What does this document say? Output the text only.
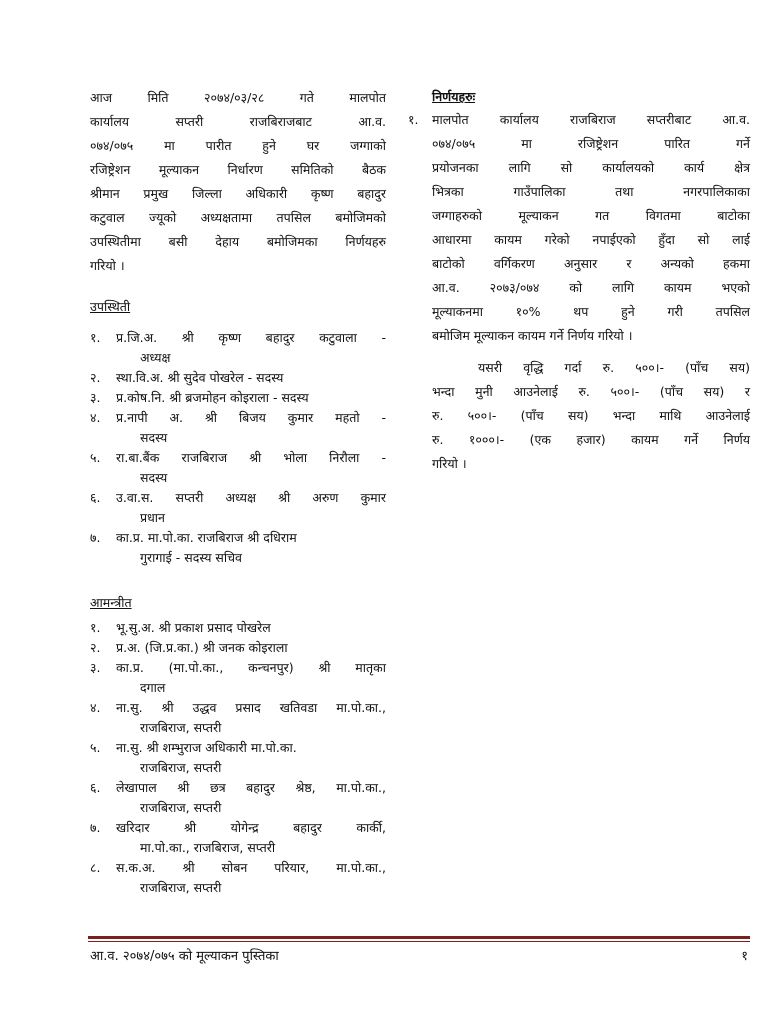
आज मिति २०७४/०३/२८ गते मालपोत

कार्यालय सप्तरी राजबिराजबाट आ.व.

०७४/०७५ मा पारीत हुने घर जग्गाको

रजिष्ट्रेशन मूल्याकन निर्धारण समितिको बैठक

श्रीमान प्रमुख जिल्ला अधिकारी कृष्ण बहादुर

कटुवाल ज्यूको अध्यक्षतामा तपसिल बमोजिमको

उपस्थितीमा बसी देहाय बमोजिमका निर्णयहरु

गरियो ।

उपस्थिती

१.	प्र.जि.अ. श्री कृष्ण बहादुर कटुवाला -
अध्यक्ष
२.	स्था.वि.अ. श्री सुदेव पोखरेल - सदस्य
३.	प्र.कोष.नि. श्री ब्रजमोहन कोइराला - सदस्य
४.	प्र.नापी अ. श्री बिजय कुमार महतो -
सदस्य
५.	रा.बा.बैंक राजबिराज श्री भोला निरौला -
सदस्य
६.	उ.वा.स. सप्तरी अध्यक्ष श्री अरुण कुमार
प्रधान
७.	का.प्र. मा.पो.का. राजबिराज श्री दधिराम
गुरागाई - सदस्य सचिव

आमन्त्रीत

१.	भू.सु.अ. श्री प्रकाश प्रसाद पोखरेल
२.	प्र.अ. (जि.प्र.का.) श्री जनक कोइराला
३.	का.प्र. (मा.पो.का., कन्चनपुर) श्री मातृका
दगाल
४.	ना.सु. श्री उद्धव प्रसाद खतिवडा मा.पो.का.,
राजबिराज, सप्तरी
५.	ना.सु. श्री शम्भुराज अधिकारी मा.पो.का.
राजबिराज, सप्तरी
६.	लेखापाल श्री छत्र बहादुर श्रेष्ठ, मा.पो.का.,
राजबिराज, सप्तरी
७.	खरिदार श्री योगेन्द्र बहादुर कार्की,
मा.पो.का., राजबिराज, सप्तरी
८.	स.क.अ. श्री सोबन परियार, मा.पो.का.,
राजबिराज, सप्तरी

निर्णयहरुः

१.	मालपोत कार्यालय राजबिराज सप्तरीबाट आ.व.

०७४/०७५ मा रजिष्ट्रेशन पारित गर्ने

प्रयोजनका लागि सो कार्यालयको कार्य क्षेत्र

भित्रका गाउँपालिका तथा नगरपालिकाका

जग्गाहरुको मूल्याकन गत विगतमा बाटोका

आधारमा कायम गरेको नपाईएको हुँदा सो लाई

बाटोको वर्गिकरण अनुसार र अन्यको हकमा

आ.व. २०७३/०७४ को लागि कायम भएको

मूल्याकनमा १०% थप हुने गरी तपसिल

बमोजिम मूल्याकन कायम गर्ने निर्णय गरियो ।

यसरी वृद्धि गर्दा रु. ५००।- (पाँच सय)

भन्दा मुनी आउनेलाई रु. ५००।- (पाँच सय) र

रु. ५००।- (पाँच सय) भन्दा माथि आउनेलाई

रु. १०००।- (एक हजार) कायम गर्ने निर्णय

गरियो ।

आ.व. २०७४/०७५ को मूल्याकन पुस्तिका	१
